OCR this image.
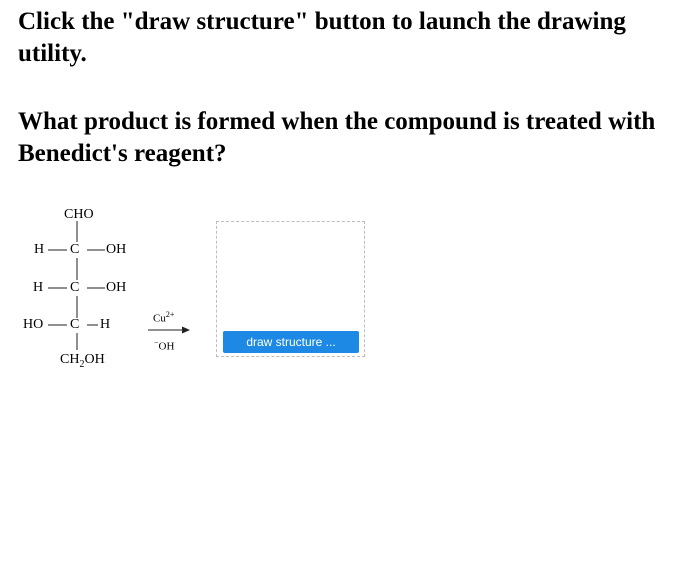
Click the "draw structure" button to launch the drawing utility.

What product is formed when the compound is treated with Benedict's reagent?

CHO
H C OH
H C OH
HO C H
$CH_2OH$
$Cu^{2+}$
−OH	draw structure ...
